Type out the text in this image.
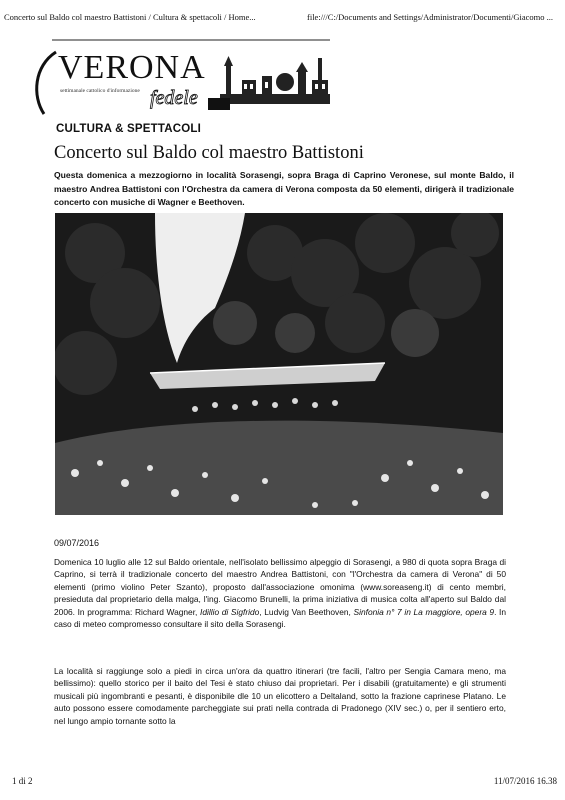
Concerto sul Baldo col maestro Battistoni / Cultura & spettacoli / Home...	file:///C:/Documents and Settings/Administrator/Documenti/Giacomo ...
VERONA
settimanale cattolico d'informazione fedele
CULTURA & SPETTACOLI
Concerto sul Baldo col maestro Battistoni
Questa domenica a mezzogiorno in località Sorasengi, sopra Braga di Caprino Veronese, sul monte Baldo, il maestro Andrea Battistoni con l'Orchestra da camera di Verona composta da 50 elementi, dirigerà il tradizionale concerto con musiche di Wagner e Beethoven.
09/07/2016
Domenica 10 luglio alle 12 sul Baldo orientale, nell'isolato bellissimo alpeggio di Sorasengi, a 980 di quota sopra Braga di Caprino, si terrà il tradizionale concerto del maestro Andrea Battistoni, con "l'Orchestra da camera di Verona" di 50 elementi (primo violino Peter Szanto), proposto dall'associazione omonima (www.soreaseng.it) di cento membri, presieduta dal proprietario della malga, l'ing. Giacomo Brunelli, la prima iniziativa di musica colta all'aperto sul Baldo dal 2006. In programma: Richard Wagner, Idillio di Sigfrido, Ludvig Van Beethoven, Sinfonia n° 7 in La maggiore, opera 9. In caso di meteo compromesso consultare il sito della Sorasengi.
La località si raggiunge solo a piedi in circa un'ora da quattro itinerari (tre facili, l'altro per Sengia Camara meno, ma bellissimo): quello storico per il baito del Tesi è stato chiuso dai proprietari. Per i disabili (gratuitamente) e gli strumenti musicali più ingombranti e pesanti, è disponibile dle 10 un elicottero a Deltaland, sotto la frazione caprinese Platano. Le auto possono essere comodamente parcheggiate sui prati nella contrada di Pradonego (XIV sec.) o, per il sentiero erto, nel lungo ampio tornante sotto la
1 di 2	11/07/2016 16.38
